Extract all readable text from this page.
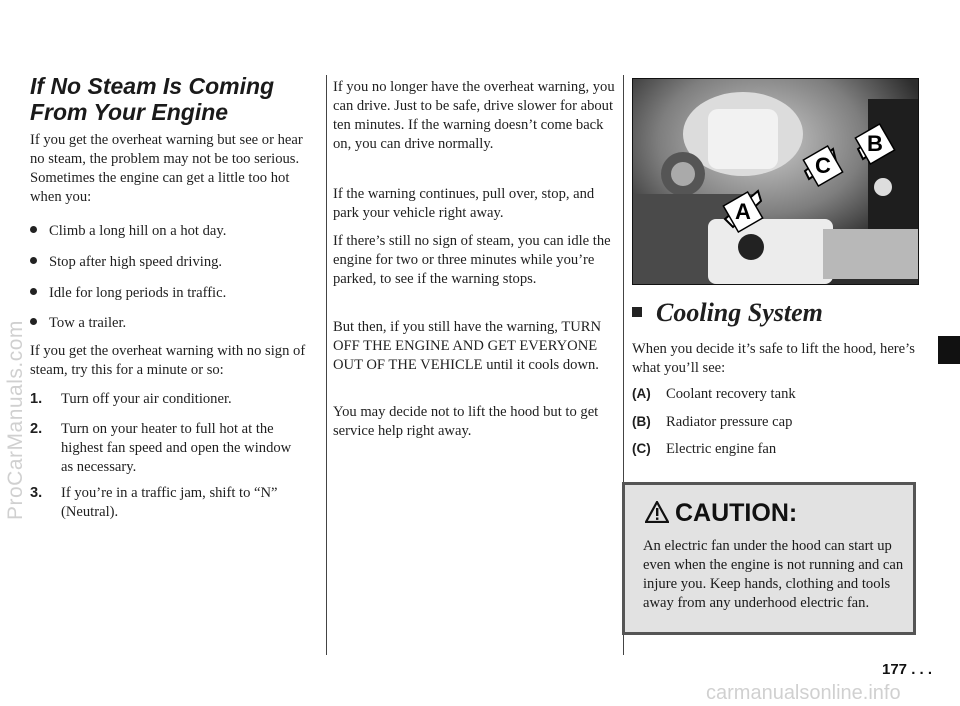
If No Steam Is Coming
From Your Engine

If you get the overheat warning but see or hear no steam, the problem may not be too serious. Sometimes the engine can get a little too hot when you:

Climb a long hill on a hot day.
Stop after high speed driving.
Idle for long periods in traffic.
Tow a trailer.

If you get the overheat warning with no sign of steam, try this for a minute or so:

1. Turn off your air conditioner.
2. Turn on your heater to full hot at the highest fan speed and open the window as necessary.
3. If you’re in a traffic jam, shift to “N” (Neutral).

If you no longer have the overheat warning, you can drive. Just to be safe, drive slower for about ten minutes. If the warning doesn’t come back on, you can drive normally.

If the warning continues, pull over, stop, and park your vehicle right away.

If there’s still no sign of steam, you can idle the engine for two or three minutes while you’re parked, to see if the warning stops.

But then, if you still have the warning, TURN OFF THE ENGINE AND GET EVERYONE OUT OF THE VEHICLE until it cools down.

You may decide not to lift the hood but to get service help right away.

A
C
B
Cooling System

When you decide it’s safe to lift the hood, here’s what you’ll see:

(A) Coolant recovery tank
(B) Radiator pressure cap
(C) Electric engine fan
CAUTION:
An electric fan under the hood can start up even when the engine is not running and can injure you. Keep hands, clothing and tools away from any underhood electric fan.
177 . . .
ProCarManuals.com
carmanualsonline.info
